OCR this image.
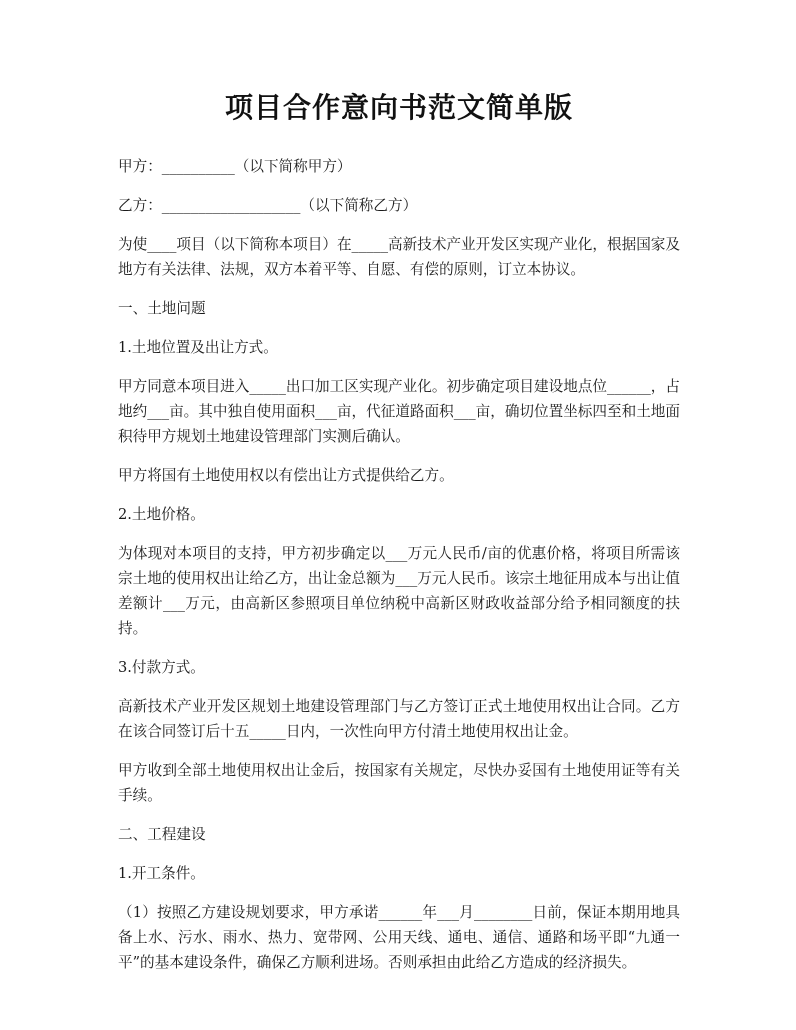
项目合作意向书范文简单版

甲方：__________（以下简称甲方）

乙方：___________________（以下简称乙方）

为使____项目（以下简称本项目）在_____高新技术产业开发区实现产业化，根据国家及地方有关法律、法规，双方本着平等、自愿、有偿的原则，订立本协议。

一、土地问题

1.土地位置及出让方式。

甲方同意本项目进入_____出口加工区实现产业化。初步确定项目建设地点位______，占地约___亩。其中独自使用面积___亩，代征道路面积___亩，确切位置坐标四至和土地面积待甲方规划土地建设管理部门实测后确认。

甲方将国有土地使用权以有偿出让方式提供给乙方。

2.土地价格。

为体现对本项目的支持，甲方初步确定以___万元人民币/亩的优惠价格，将项目所需该宗土地的使用权出让给乙方，出让金总额为___万元人民币。该宗土地征用成本与出让值差额计___万元，由高新区参照项目单位纳税中高新区财政收益部分给予相同额度的扶持。

3.付款方式。

高新技术产业开发区规划土地建设管理部门与乙方签订正式土地使用权出让合同。乙方在该合同签订后十五_____日内，一次性向甲方付清土地使用权出让金。

甲方收到全部土地使用权出让金后，按国家有关规定，尽快办妥国有土地使用证等有关手续。

二、工程建设

1.开工条件。

（1）按照乙方建设规划要求，甲方承诺______年___月________日前，保证本期用地具备上水、污水、雨水、热力、宽带网、公用天线、通电、通信、通路和场平即“九通一平”的基本建设条件，确保乙方顺利进场。否则承担由此给乙方造成的经济损失。
